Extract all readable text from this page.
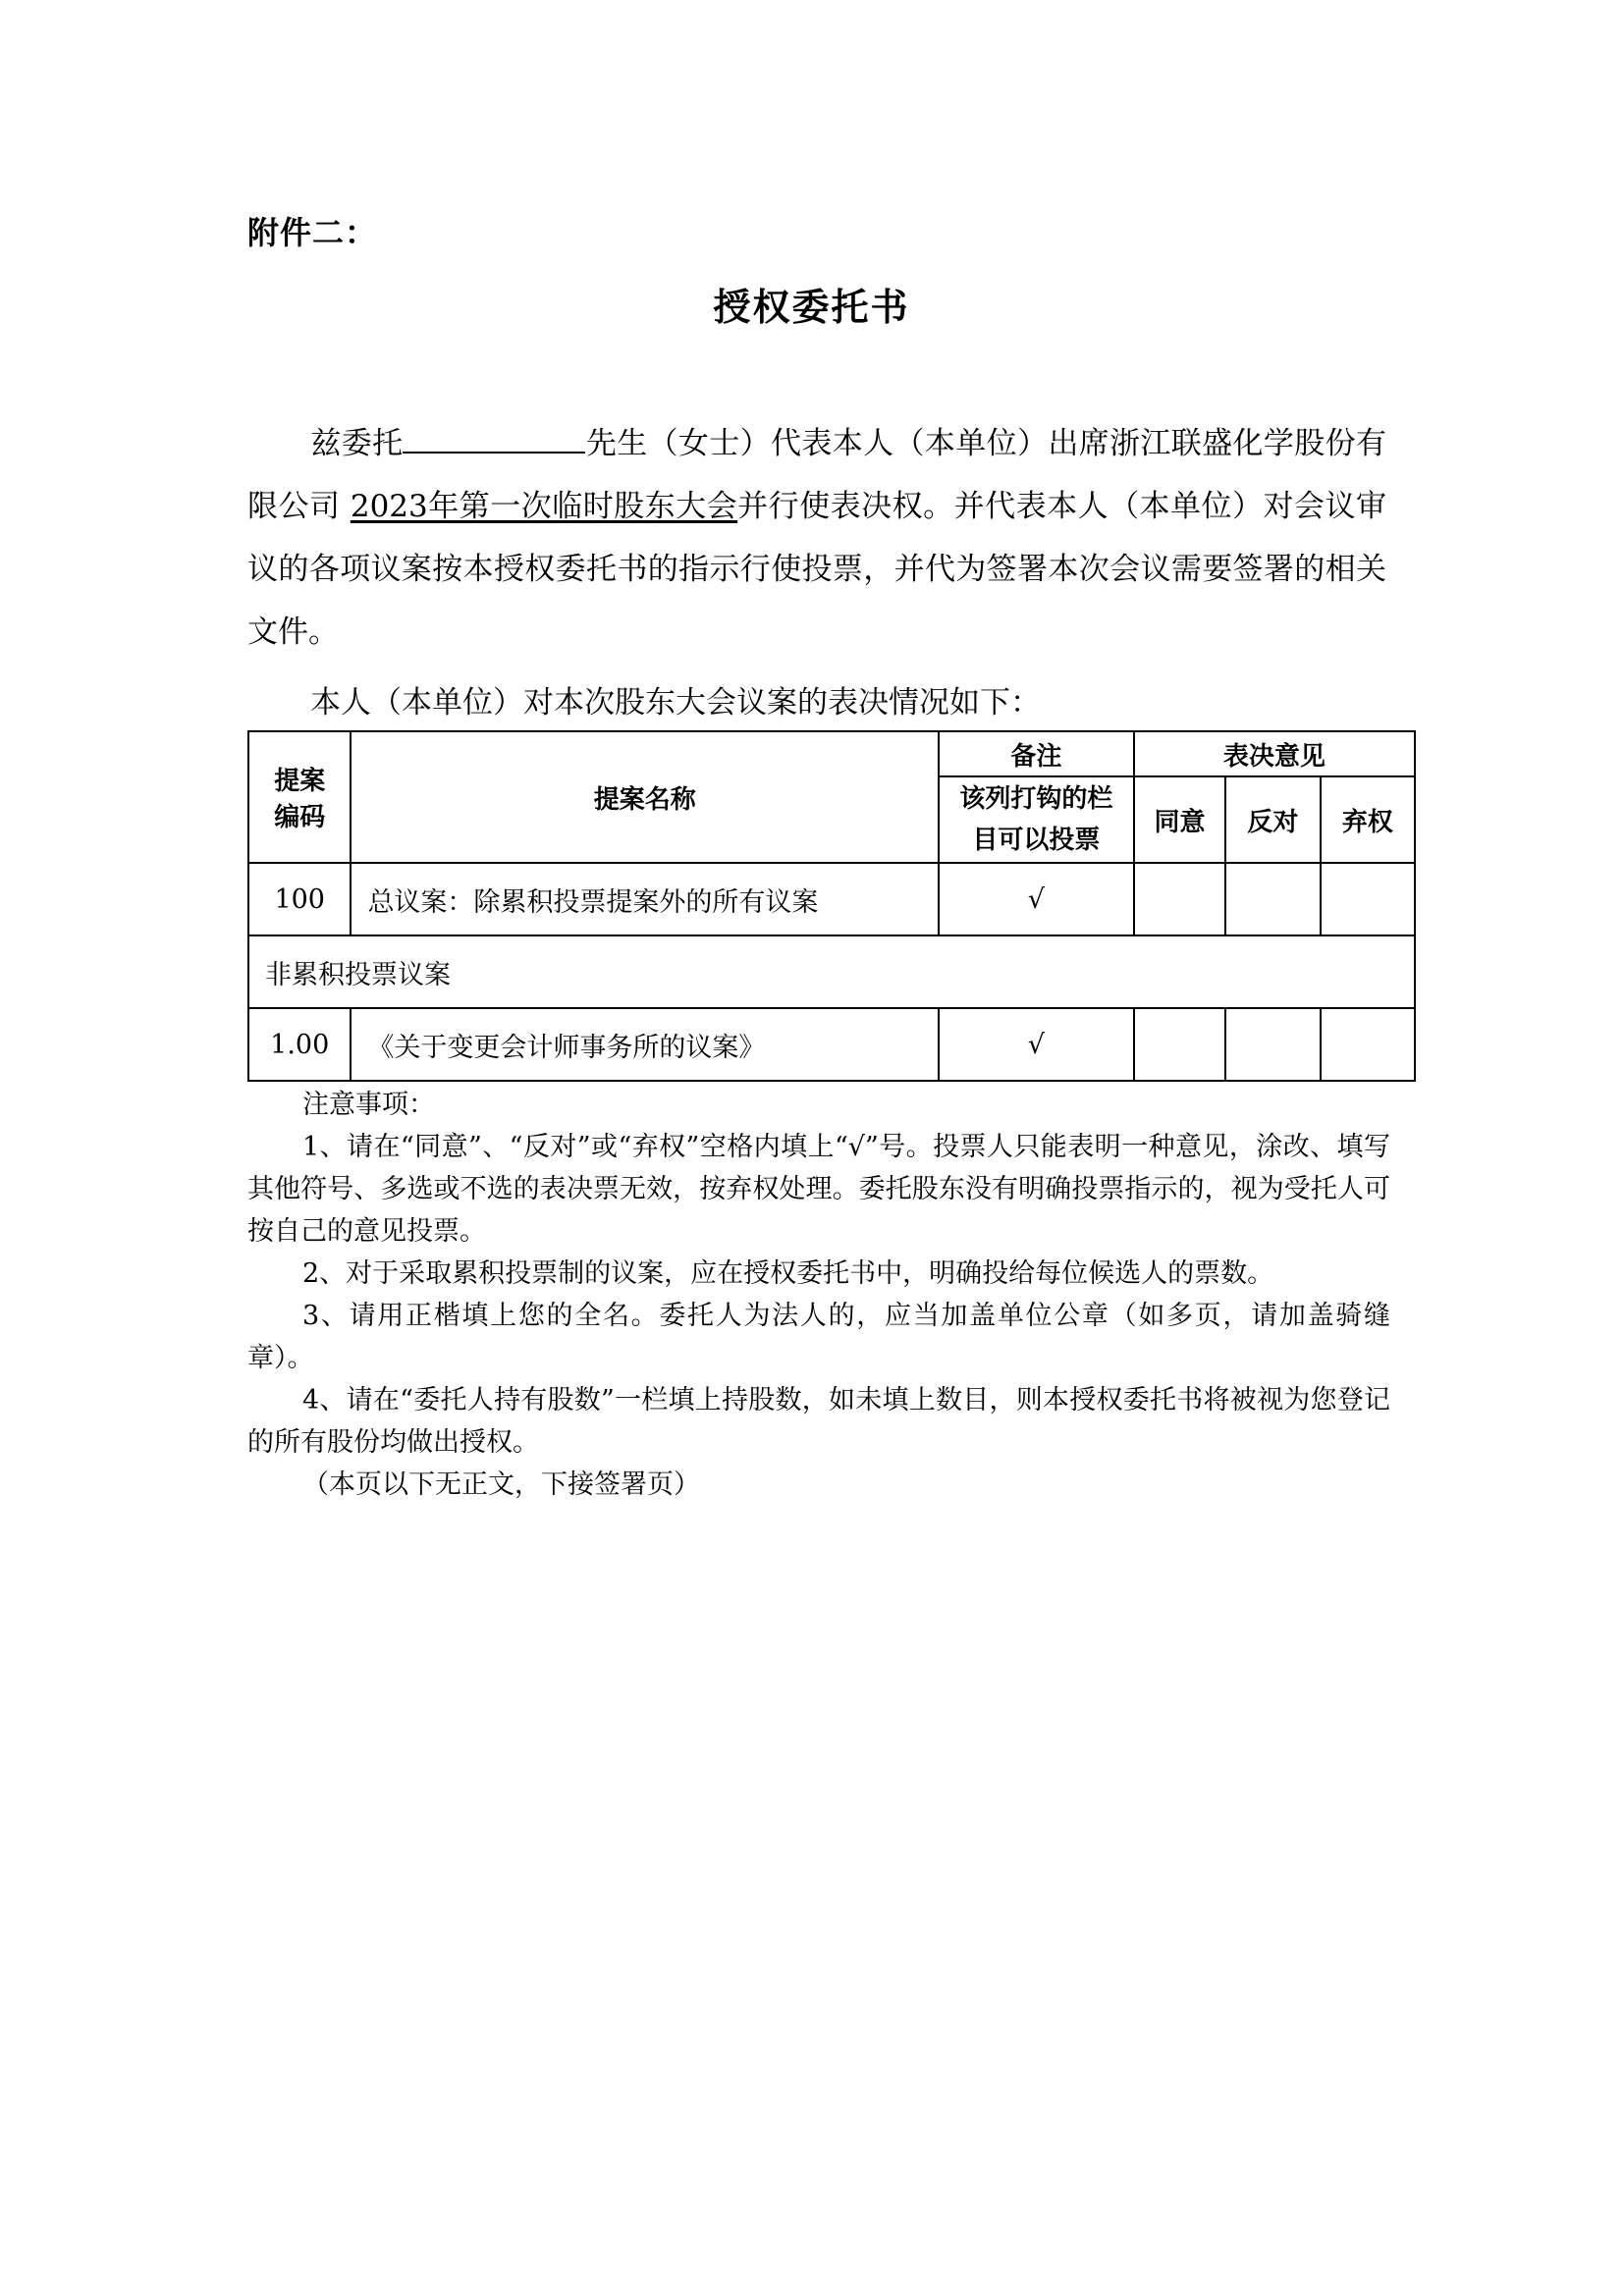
附件二：
授权委托书
兹委托	先生（女士）代表本人（本单位）出席浙江联盛化学股份有限公司 2023年第一次临时股东大会并行使表决权。并代表本人（本单位）对会议审议的各项议案按本授权委托书的指示行使投票，并代为签署本次会议需要签署的相关文件。
本人（本单位）对本次股东大会议案的表决情况如下：
提案
编码	提案名称	备注	表决意见		
		该列打钩的栏目可以投票	同意	反对	弃权
100	总议案：除累积投票提案外的所有议案	√			
非累积投票议案					
1.00	《关于变更会计师事务所的议案》	√			

注意事项：

1、请在“同意”、“反对”或“弃权”空格内填上“√”号。投票人只能表明一种意见，涂改、填写其他符号、多选或不选的表决票无效，按弃权处理。委托股东没有明确投票指示的，视为受托人可按自己的意见投票。

2、对于采取累积投票制的议案，应在授权委托书中，明确投给每位候选人的票数。

3、请用正楷填上您的全名。委托人为法人的，应当加盖单位公章（如多页，请加盖骑缝章）。

4、请在“委托人持有股数”一栏填上持股数，如未填上数目，则本授权委托书将被视为您登记的所有股份均做出授权。

（本页以下无正文，下接签署页）
